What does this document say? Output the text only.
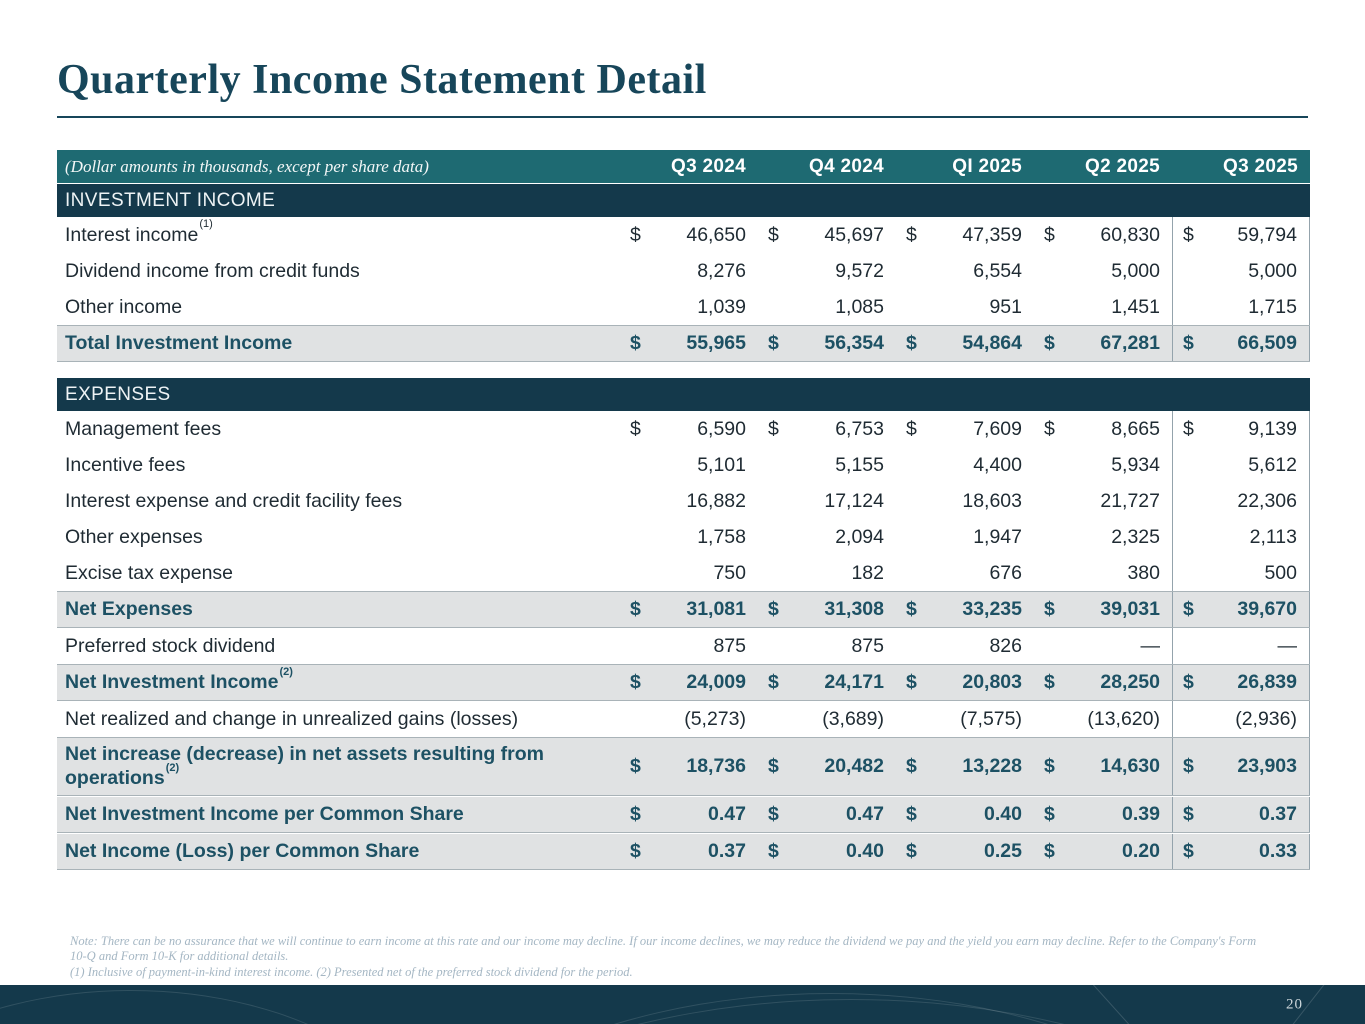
Quarterly Income Statement Detail
(Dollar amounts in thousands, except per share data)	Q3 2024	Q4 2024	QI 2025	Q2 2025	Q3 2025
INVESTMENT INCOME
Interest income$^{(1)}$	$ 46,650 $ 45,697 $ 47,359 $ 60,830 $ 59,794
Dividend income from credit funds	8,276	9,572	6,554	5,000	5,000
Other income	1,039	1,085	951	1,451	1,715
Total Investment Income	$ 55,965 $ 56,354 $ 54,864 $ 67,281 $ 66,509
EXPENSES
Management fees	$	6,590 $	6,753 $	7,609 $	8,665 $	9,139
Incentive fees	5,101	5,155	4,400	5,934	5,612
Interest expense and credit facility fees	16,882	17,124	18,603	21,727	22,306
Other expenses	1,758	2,094	1,947	2,325	2,113
Excise tax expense	750	182	676	380	500
Net Expenses	$ 31,081 $ 31,308 $ 33,235 $ 39,031 $ 39,670
Preferred stock dividend	875	875	826	—	—
Net Investment Income$^{(2)}$	$ 24,009 $ 24,171 $ 20,803 $ 28,250 $ 26,839
Net realized and change in unrealized gains (losses)	(5,273)	(3,689)	(7,575)	(13,620)	(2,936)
Net increase (decrease) in net assets resulting from operations$^{(2)}$	$ 18,736 $ 20,482 $ 13,228 $ 14,630 $ 23,903
Net Investment Income per Common Share	$	0.47 $	0.47 $	0.40 $	0.39 $	0.37
Net Income (Loss) per Common Share	$	0.37 $	0.40 $	0.25 $	0.20 $	0.33

Note: There can be no assurance that we will continue to earn income at this rate and our income may decline. If our income declines, we may reduce the dividend we pay and the yield you earn may decline. Refer to the Company's Form 10-Q and Form 10-K for additional details.

(1) Inclusive of payment-in-kind interest income. (2) Presented net of the preferred stock dividend for the period.

20
